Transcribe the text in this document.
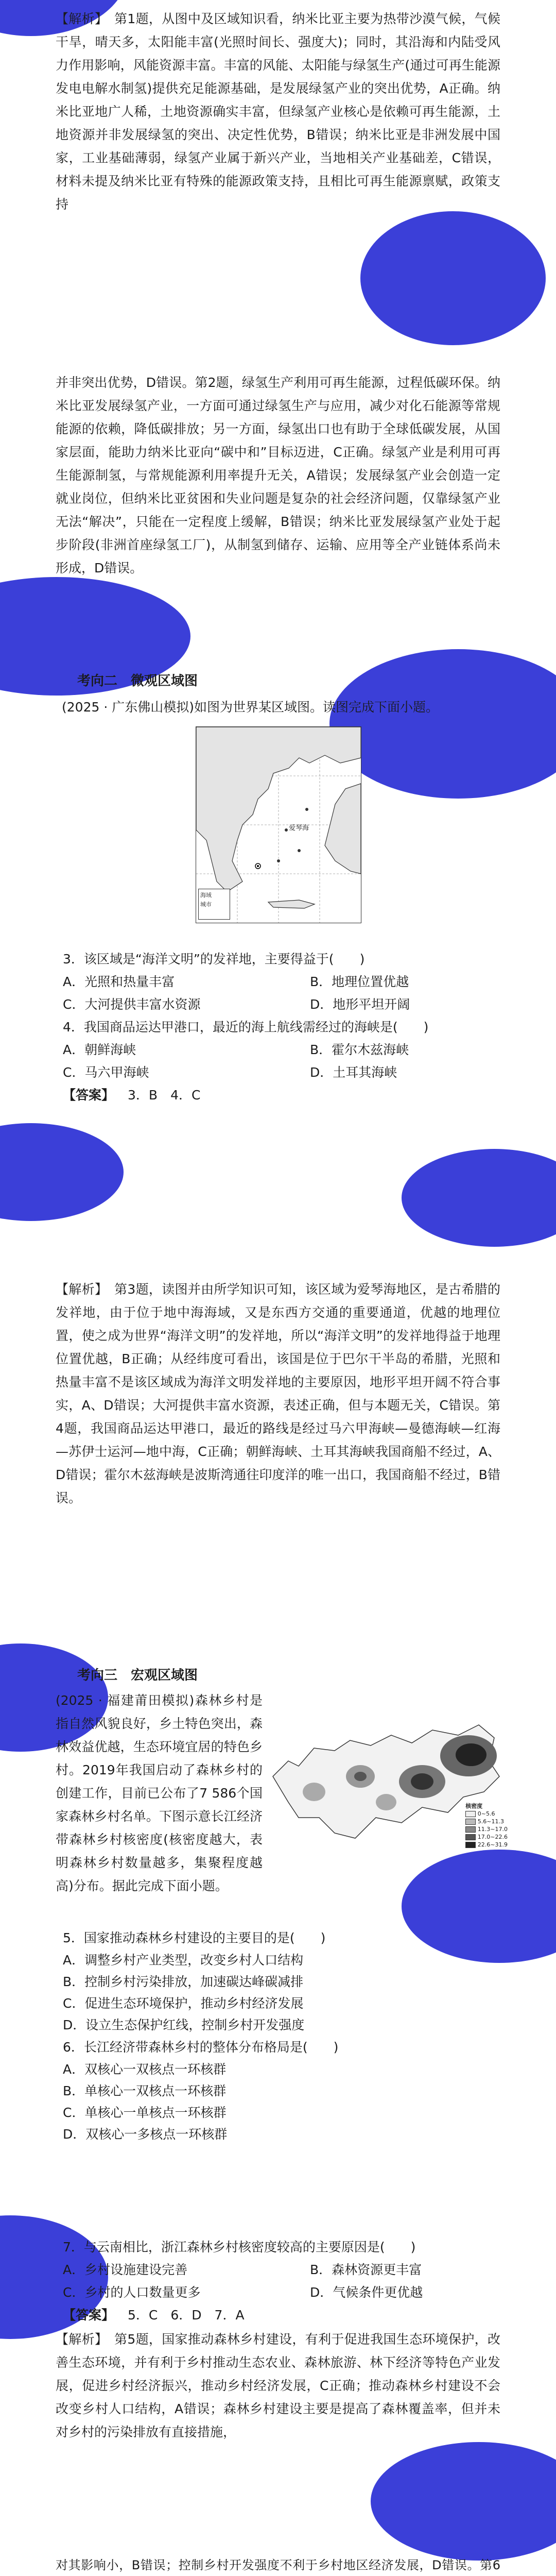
【解析】　第1题，从图中及区域知识看，纳米比亚主要为热带沙漠气候，气候干旱，晴天多，太阳能丰富(光照时间长、强度大)；同时，其沿海和内陆受风力作用影响，风能资源丰富。丰富的风能、太阳能与绿氢生产(通过可再生能源发电电解水制氢)提供充足能源基础，是发展绿氢产业的突出优势，A正确。纳米比亚地广人稀，土地资源确实丰富，但绿氢产业核心是依赖可再生能源，土地资源并非发展绿氢的突出、决定性优势，B错误；纳米比亚是非洲发展中国家，工业基础薄弱，绿氢产业属于新兴产业，当地相关产业基础差，C错误，材料未提及纳米比亚有特殊的能源政策支持，且相比可再生能源禀赋，政策支持

并非突出优势，D错误。第2题，绿氢生产利用可再生能源，过程低碳环保。纳米比亚发展绿氢产业，一方面可通过绿氢生产与应用，减少对化石能源等常规能源的依赖，降低碳排放；另一方面，绿氢出口也有助于全球低碳发展，从国家层面，能助力纳米比亚向“碳中和”目标迈进，C正确。绿氢产业是利用可再生能源制氢，与常规能源利用率提升无关，A错误；发展绿氢产业会创造一定就业岗位，但纳米比亚贫困和失业问题是复杂的社会经济问题，仅靠绿氢产业无法“解决”，只能在一定程度上缓解，B错误；纳米比亚发展绿氢产业处于起步阶段(非洲首座绿氢工厂)，从制氢到储存、运输、应用等全产业链体系尚未形成，D错误。

考向二　微观区域图

(2025 · 广东佛山模拟)如图为世界某区域图。读图完成下面小题。

爱琴海
海域
城市

3．该区域是“海洋文明”的发祥地，主要得益于(　　)

A．光照和热量丰富	B．地理位置优越
C．大河提供丰富水资源	D．地形平坦开阔

4．我国商品运达甲港口，最近的海上航线需经过的海峡是(　　)

A．朝鲜海峡	B．霍尔木兹海峡
C．马六甲海峡	D．土耳其海峡

【答案】 3．B　4．C

【解析】　第3题，读图并由所学知识可知，该区域为爱琴海地区，是古希腊的发祥地，由于位于地中海海域，又是东西方交通的重要通道，优越的地理位置，使之成为世界“海洋文明”的发祥地，所以“海洋文明”的发祥地得益于地理位置优越，B正确；从经纬度可看出，该国是位于巴尔干半岛的希腊，光照和热量丰富不是该区域成为海洋文明发祥地的主要原因，地形平坦开阔不符合事实，A、D错误；大河提供丰富水资源，表述正确，但与本题无关，C错误。第4题，我国商品运达甲港口，最近的路线是经过马六甲海峡—曼德海峡—红海—苏伊士运河—地中海，C正确；朝鲜海峡、土耳其海峡我国商船不经过，A、D错误；霍尔木兹海峡是波斯湾通往印度洋的唯一出口，我国商船不经过，B错误。

考向三　宏观区域图

(2025 · 福建莆田模拟)森林乡村是指自然风貌良好，乡土特色突出，森林效益优越，生态环境宜居的特色乡村。2019年我国启动了森林乡村的创建工作，目前已公布了7 586个国家森林乡村名单。下图示意长江经济带森林乡村核密度(核密度越大，表明森林乡村数量越多，集聚程度越高)分布。据此完成下面小题。

核密度
0~5.6
5.6~11.3
11.3~17.0
17.0~22.6
22.6~31.9

5．国家推动森林乡村建设的主要目的是(　　)

A．调整乡村产业类型，改变乡村人口结构

B．控制乡村污染排放，加速碳达峰碳减排

C．促进生态环境保护，推动乡村经济发展

D．设立生态保护红线，控制乡村开发强度

6．长江经济带森林乡村的整体分布格局是(　　)

A．双核心一双核点一环核群

B．单核心一双核点一环核群

C．单核心一单核点一环核群

D．双核心一多核点一环核群

7．与云南相比，浙江森林乡村核密度较高的主要原因是(　　)

A．乡村设施建设完善	B．森林资源更丰富
C．乡村的人口数量更多	D．气候条件更优越

【答案】 5．C　6．D　7．A

【解析】　第5题，国家推动森林乡村建设，有利于促进我国生态环境保护，改善生态环境，并有利于乡村推动生态农业、森林旅游、林下经济等特色产业发展，促进乡村经济振兴，推动乡村经济发展，C正确；推动森林乡村建设不会改变乡村人口结构，A错误；森林乡村建设主要是提高了森林覆盖率，但并未对乡村的污染排放有直接措施，

对其影响小，B错误；控制乡村开发强度不利于乡村地区经济发展，D错误。第6
